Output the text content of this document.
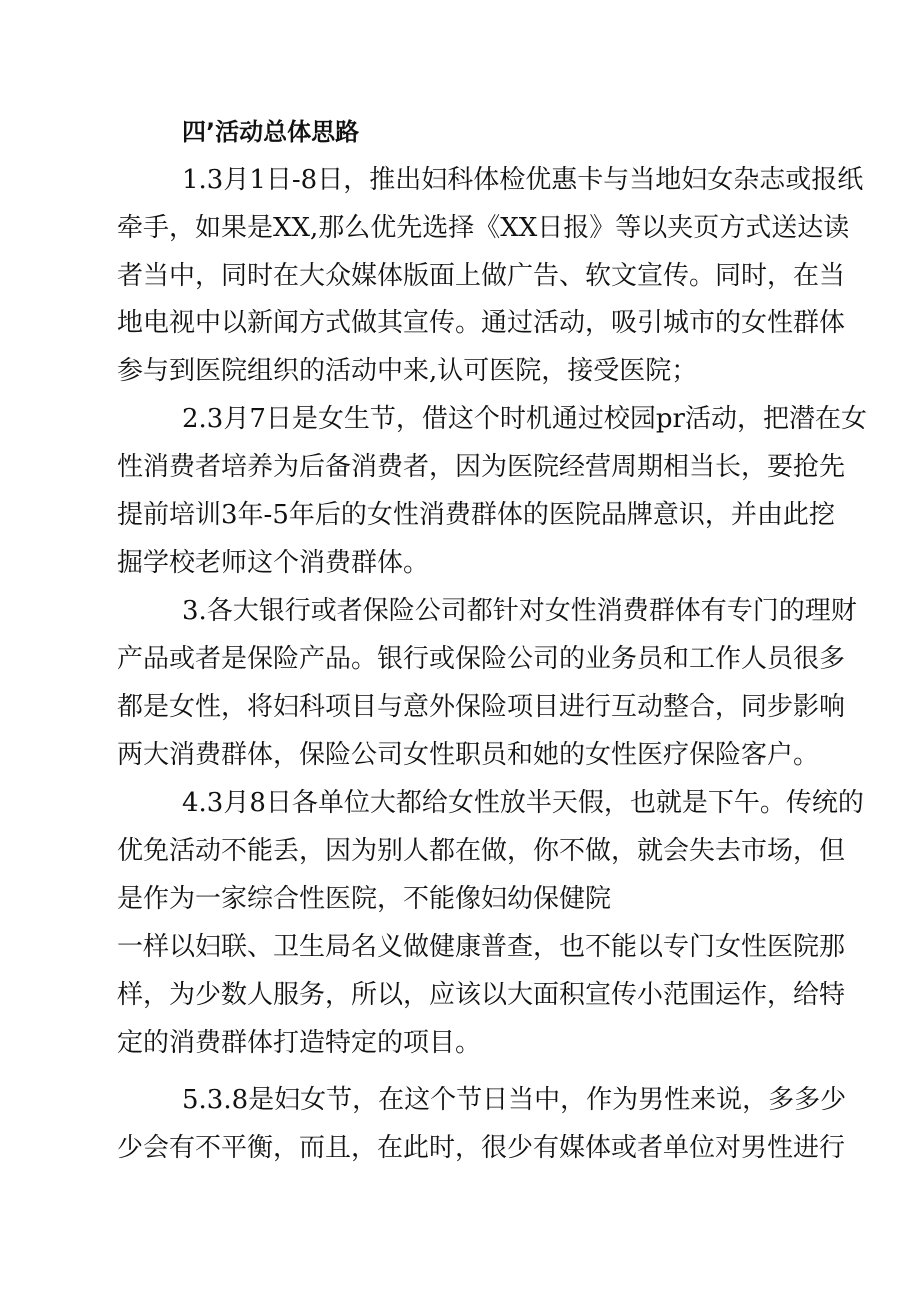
四’活动总体思路
1.3月1日-8日，推出妇科体检优惠卡与当地妇女杂志或报纸
牵手，如果是XX,那么优先选择《XX日报》等以夹页方式送达读
者当中，同时在大众媒体版面上做广告、软文宣传。同时，在当
地电视中以新闻方式做其宣传。通过活动，吸引城市的女性群体
参与到医院组织的活动中来,认可医院，接受医院；
2.3月7日是女生节，借这个时机通过校园pr活动，把潜在女
性消费者培养为后备消费者，因为医院经营周期相当长，要抢先
提前培训3年-5年后的女性消费群体的医院品牌意识，并由此挖
掘学校老师这个消费群体。
3.各大银行或者保险公司都针对女性消费群体有专门的理财
产品或者是保险产品。银行或保险公司的业务员和工作人员很多
都是女性，将妇科项目与意外保险项目进行互动整合，同步影响
两大消费群体，保险公司女性职员和她的女性医疗保险客户。
4.3月8日各单位大都给女性放半天假，也就是下午。传统的
优免活动不能丢，因为别人都在做，你不做，就会失去市场，但
是作为一家综合性医院，不能像妇幼保健院
一样以妇联、卫生局名义做健康普查，也不能以专门女性医院那
样，为少数人服务，所以，应该以大面积宣传小范围运作，给特
定的消费群体打造特定的项目。
5.3.8是妇女节，在这个节日当中，作为男性来说，多多少
少会有不平衡，而且，在此时，很少有媒体或者单位对男性进行
